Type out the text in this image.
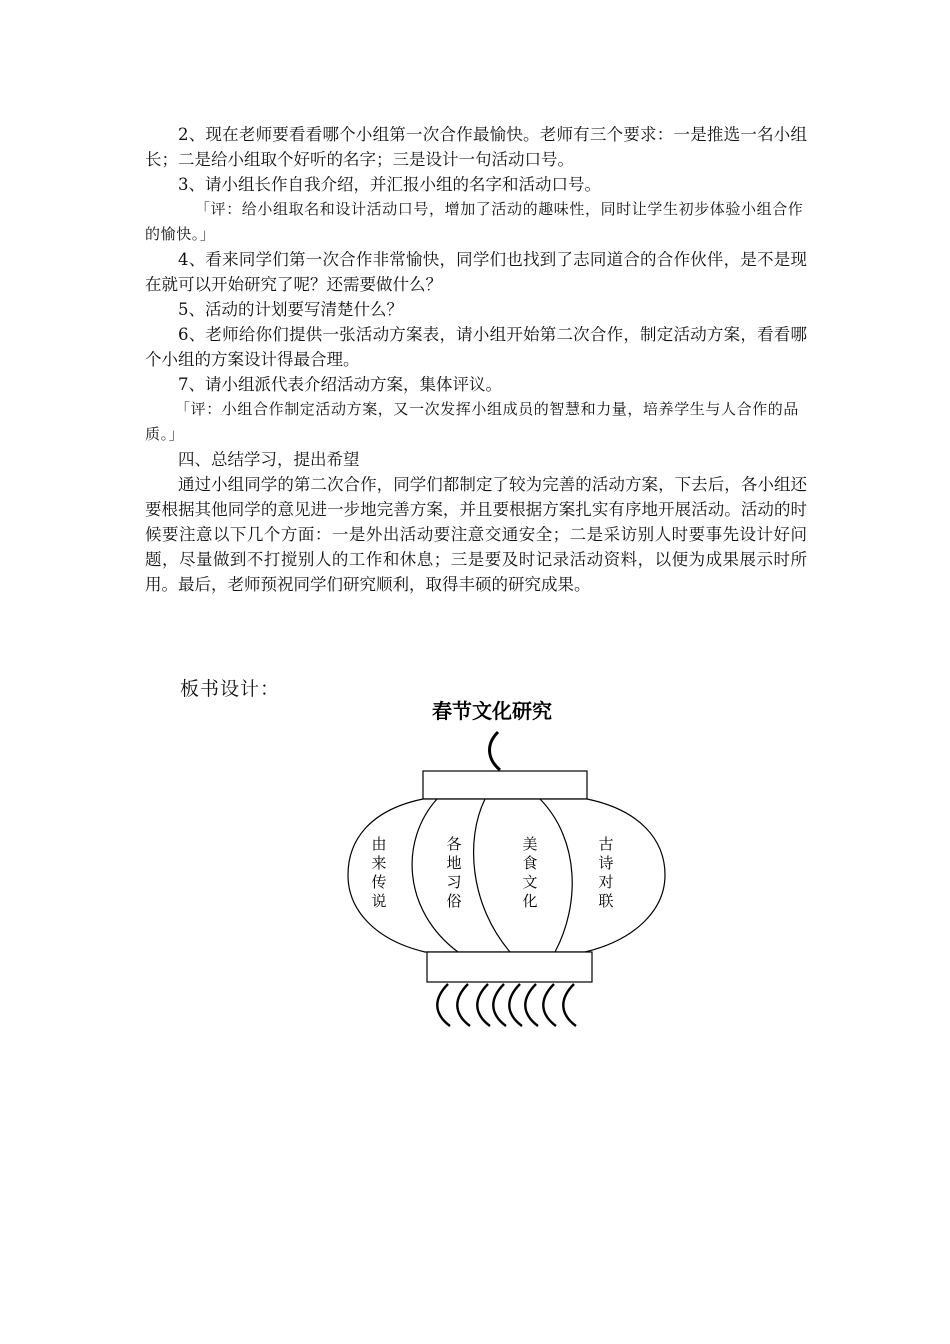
2、现在老师要看看哪个小组第一次合作最愉快。老师有三个要求：一是推选一名小组长；二是给小组取个好听的名字；三是设计一句活动口号。

3、请小组长作自我介绍，并汇报小组的名字和活动口号。

「评：给小组取名和设计活动口号，增加了活动的趣味性，同时让学生初步体验小组合作的愉快。」

4、看来同学们第一次合作非常愉快，同学们也找到了志同道合的合作伙伴，是不是现在就可以开始研究了呢？还需要做什么？

5、活动的计划要写清楚什么？

6、老师给你们提供一张活动方案表，请小组开始第二次合作，制定活动方案，看看哪个小组的方案设计得最合理。

7、请小组派代表介绍活动方案，集体评议。

「评：小组合作制定活动方案，又一次发挥小组成员的智慧和力量，培养学生与人合作的品质。」

四、总结学习，提出希望

通过小组同学的第二次合作，同学们都制定了较为完善的活动方案，下去后，各小组还要根据其他同学的意见进一步地完善方案，并且要根据方案扎实有序地开展活动。活动的时候要注意以下几个方面：一是外出活动要注意交通安全；二是采访别人时要事先设计好问题，尽量做到不打搅别人的工作和休息；三是要及时记录活动资料，以便为成果展示时所用。最后，老师预祝同学们研究顺利，取得丰硕的研究成果。

板书设计：
春节文化研究
由
来
传
说
各
地
习
俗
美
食
文
化
古
诗
对
联
